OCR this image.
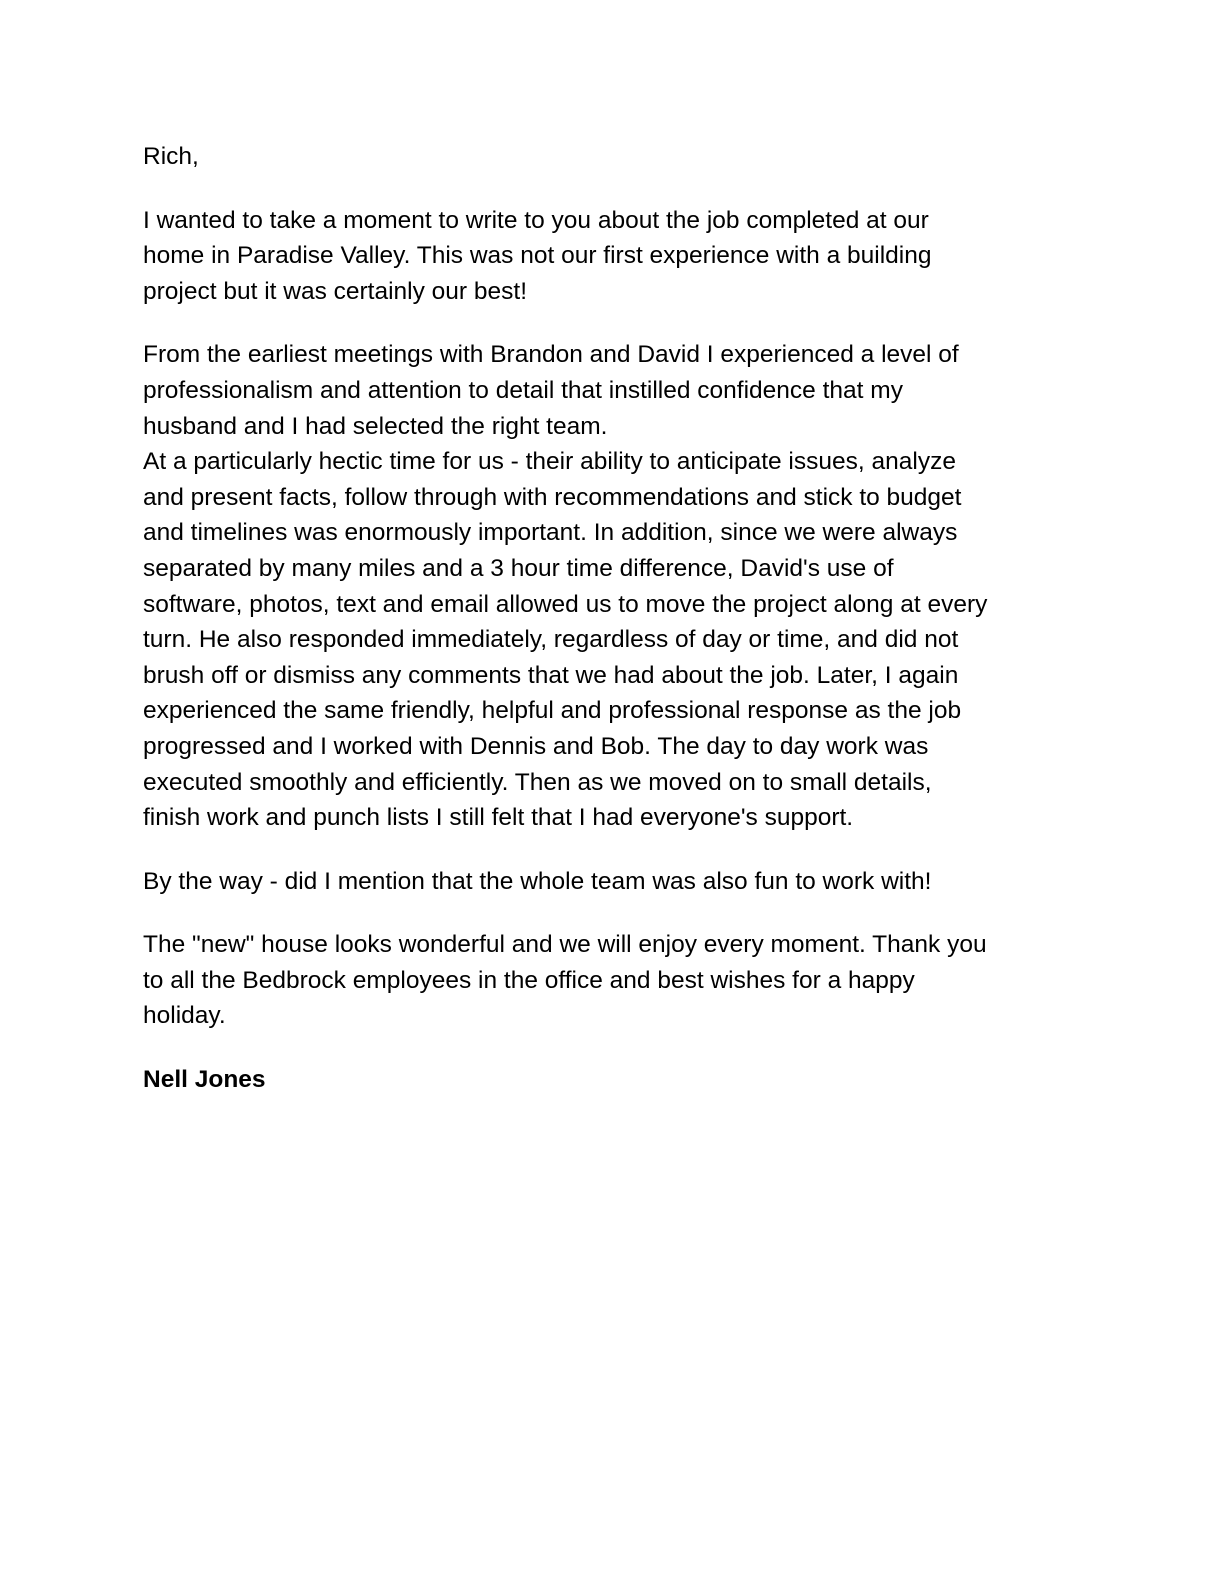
Rich,

I wanted to take a moment to write to you about the job completed at our
home in Paradise Valley. This was not our first experience with a building
project but it was certainly our best!

From the earliest meetings with Brandon and David I experienced a level of
professionalism and attention to detail that instilled confidence that my
husband and I had selected the right team.
At a particularly hectic time for us - their ability to anticipate issues, analyze
and present facts, follow through with recommendations and stick to budget
and timelines was enormously important. In addition, since we were always
separated by many miles and a 3 hour time difference, David's use of
software, photos, text and email allowed us to move the project along at every
turn. He also responded immediately, regardless of day or time, and did not
brush off or dismiss any comments that we had about the job. Later, I again
experienced the same friendly, helpful and professional response as the job
progressed and I worked with Dennis and Bob. The day to day work was
executed smoothly and efficiently. Then as we moved on to small details,
finish work and punch lists I still felt that I had everyone's support.

By the way - did I mention that the whole team was also fun to work with!

The "new" house looks wonderful and we will enjoy every moment. Thank you
to all the Bedbrock employees in the office and best wishes for a happy
holiday.

Nell Jones
